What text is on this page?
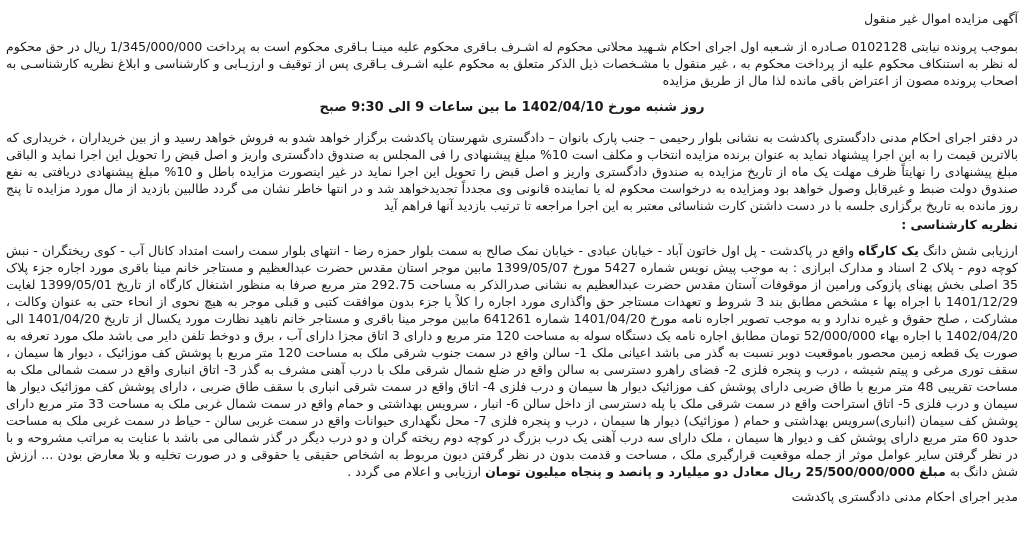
آگهی مزایده اموال غیر منقول

بموجب پرونده نیابتی 0102128 صـادره از شـعبه اول اجرای احکام شـهید محلاتی محکوم له اشـرف بـاقری محکوم علیه مینـا بـاقری محکوم است به پرداخت 1/345/000/000 ریال در حق محکوم له نظر به استنکاف محکوم علیه از پرداخت محکوم به ، غیر منقول با مشـخصات ذیل الذکر متعلق به محکوم علیه اشـرف بـاقری پس از توقیف و ارزیـابی و کارشناسی و ابلاغ نظریه کارشناسـی به اصحاب پرونده مصون از اعتراض باقی مانده لذا مال از طریق مزایده

روز شنبه مورخ 1402/04/10 ما بین ساعات 9 الی 9:30 صبح

در دفتر اجرای احکام مدنی دادگستری پاکدشت به نشانی بلوار رحیمی – جنب پارک بانوان – دادگستری شهرستان پاکدشت برگزار خواهد شدو به فروش خواهد رسید و از بین خریداران ، خریداری که بالاترین قیمت را به این اجرا پیشنهاد نماید به عنوان برنده مزایده انتخاب و مکلف است 10% مبلغ پیشنهادی را فی المجلس به صندوق دادگستری واریز و اصل قبض را تحویل این اجرا نماید و الباقی مبلغ پیشنهادی را نهایتاً ظرف مهلت یک ماه از تاریخ مزایده به صندوق دادگستری واریز و اصل قبض را تحویل این اجرا نماید در غیر اینصورت مزایده باطل و 10% مبلغ پیشنهادی دریافتی به نفع صندوق دولت ضبط و غیرقابل وصول خواهد بود ومزایده به درخواست محکوم له یا نماینده قانونی وی مجدداً تجدیدخواهد شد و در انتها خاطر نشان می گردد طالبین بازدید از مال مورد مزایده تا پنج روز مانده به تاریخ برگزاری جلسه با در دست داشتن کارت شناسائی معتبر به این اجرا مراجعه تا ترتیب بازدید آنها فراهم آید

نظریه کارشناسی :

ارزیابی شش دانگ یک کارگاه واقع در پاکدشت - پل اول خاتون آباد - خیابان عبادی - خیابان نمک صالح به سمت بلوار حمزه رضا - انتهای بلوار سمت راست امتداد کانال آب - کوی ریختگران - نبش کوچه دوم - پلاک 2 اسناد و مدارک ابرازی : به موجب پیش نویس شماره 5427 مورخ 1399/05/07 مابین موجر استان مقدس حضرت عبدالعظیم و مستاجر خانم مینا باقری مورد اجاره جزء پلاک 35 اصلی بخش پهنای پازوکی ورامین از موقوفات آستان مقدس حضرت عبدالعظیم به نشانی صدرالذکر به مساحت 292.75 متر مربع صرفا به منظور اشتغال کارگاه از تاریخ 1399/05/01 لغایت 1401/12/29 با اجراه بها ء مشخص مطابق بند 3 شروط و تعهدات مستاجر حق واگذاری مورد اجاره را کلاً یا جزء بدون موافقت کتبی و قبلی موجر به هیچ نحوی از انحاء حتی به عنوان وکالت ، مشارکت ، صلح حقوق و غیره ندارد و به موجب تصویر اجاره نامه مورخ 1401/04/20 شماره 641261 مابین موجر مینا باقری و مستاجر خانم ناهید نظارت مورد یکسال از تاریخ 1401/04/20 الی 1402/04/20 با اجاره بهاء 52/000/000 تومان مطابق اجاره نامه یک دستگاه سوله به مساحت 120 متر مربع و دارای 3 اتاق مجزا دارای آب ، برق و دوخط تلفن دایر می باشد ملک مورد تعرفه به صورت یک قطعه زمین محصور باموقعیت دوبر نسبت به گذر می باشد اعیانی ملک 1- سالن واقع در سمت جنوب شرقی ملک به مساحت 120 متر مربع با پوشش کف موزائیک ، دیوار ها سیمان ، سقف توری مرغی و پیتم شیشه ، درب و پنجره فلزی 2- فضای راهرو دسترسی به سالن واقع در ضلع شمال شرقی ملک با درب آهنی مشرف به گذر 3- اتاق انباری واقع در سمت شمالی ملک به مساحت تقریبی 48 متر مربع با طاق ضربی دارای پوشش کف موزائیک دیوار ها سیمان و درب فلزی 4- اتاق واقع در سمت شرقی انباری با سقف طاق ضربی ، دارای پوشش کف موزائیک دیوار ها سیمان و درب فلزی 5- اتاق استراحت واقع در سمت شرقی ملک با پله دسترسی از داخل سالن 6- انبار ، سرویس بهداشتی و حمام واقع در سمت شمال غربی ملک به مساحت 33 متر مربع دارای پوشش کف سیمان (انباری)سرویس بهداشتی و حمام ( موزائیک) دیوار ها سیمان ، درب و پنجره فلزی 7- محل نگهداری حیوانات واقع در سمت غربی سالن - حیاط در سمت غربی ملک به مساحت حدود 60 متر مربع دارای پوشش کف و دیوار ها سیمان ، ملک دارای سه درب آهنی یک درب بزرگ در کوچه دوم ریخته گران و دو درب دیگر در گذر شمالی می باشد با عنایت به مراتب مشروحه و با در نظر گرفتن سایر عوامل موثر از جمله موقعیت قرارگیری ملک ، مساحت و قدمت بدون در نظر گرفتن دیون مربوط به اشخاص حقیقی یا حقوقی و در صورت تخلیه و بلا معارض بودن ... ارزش شش دانگ به مبلغ 25/500/000/000 ریال معادل دو میلیارد و پانصد و پنجاه میلیون تومان ارزیابی و اعلام می گردد .

مدیر اجرای احکام مدنی دادگستری پاکدشت
